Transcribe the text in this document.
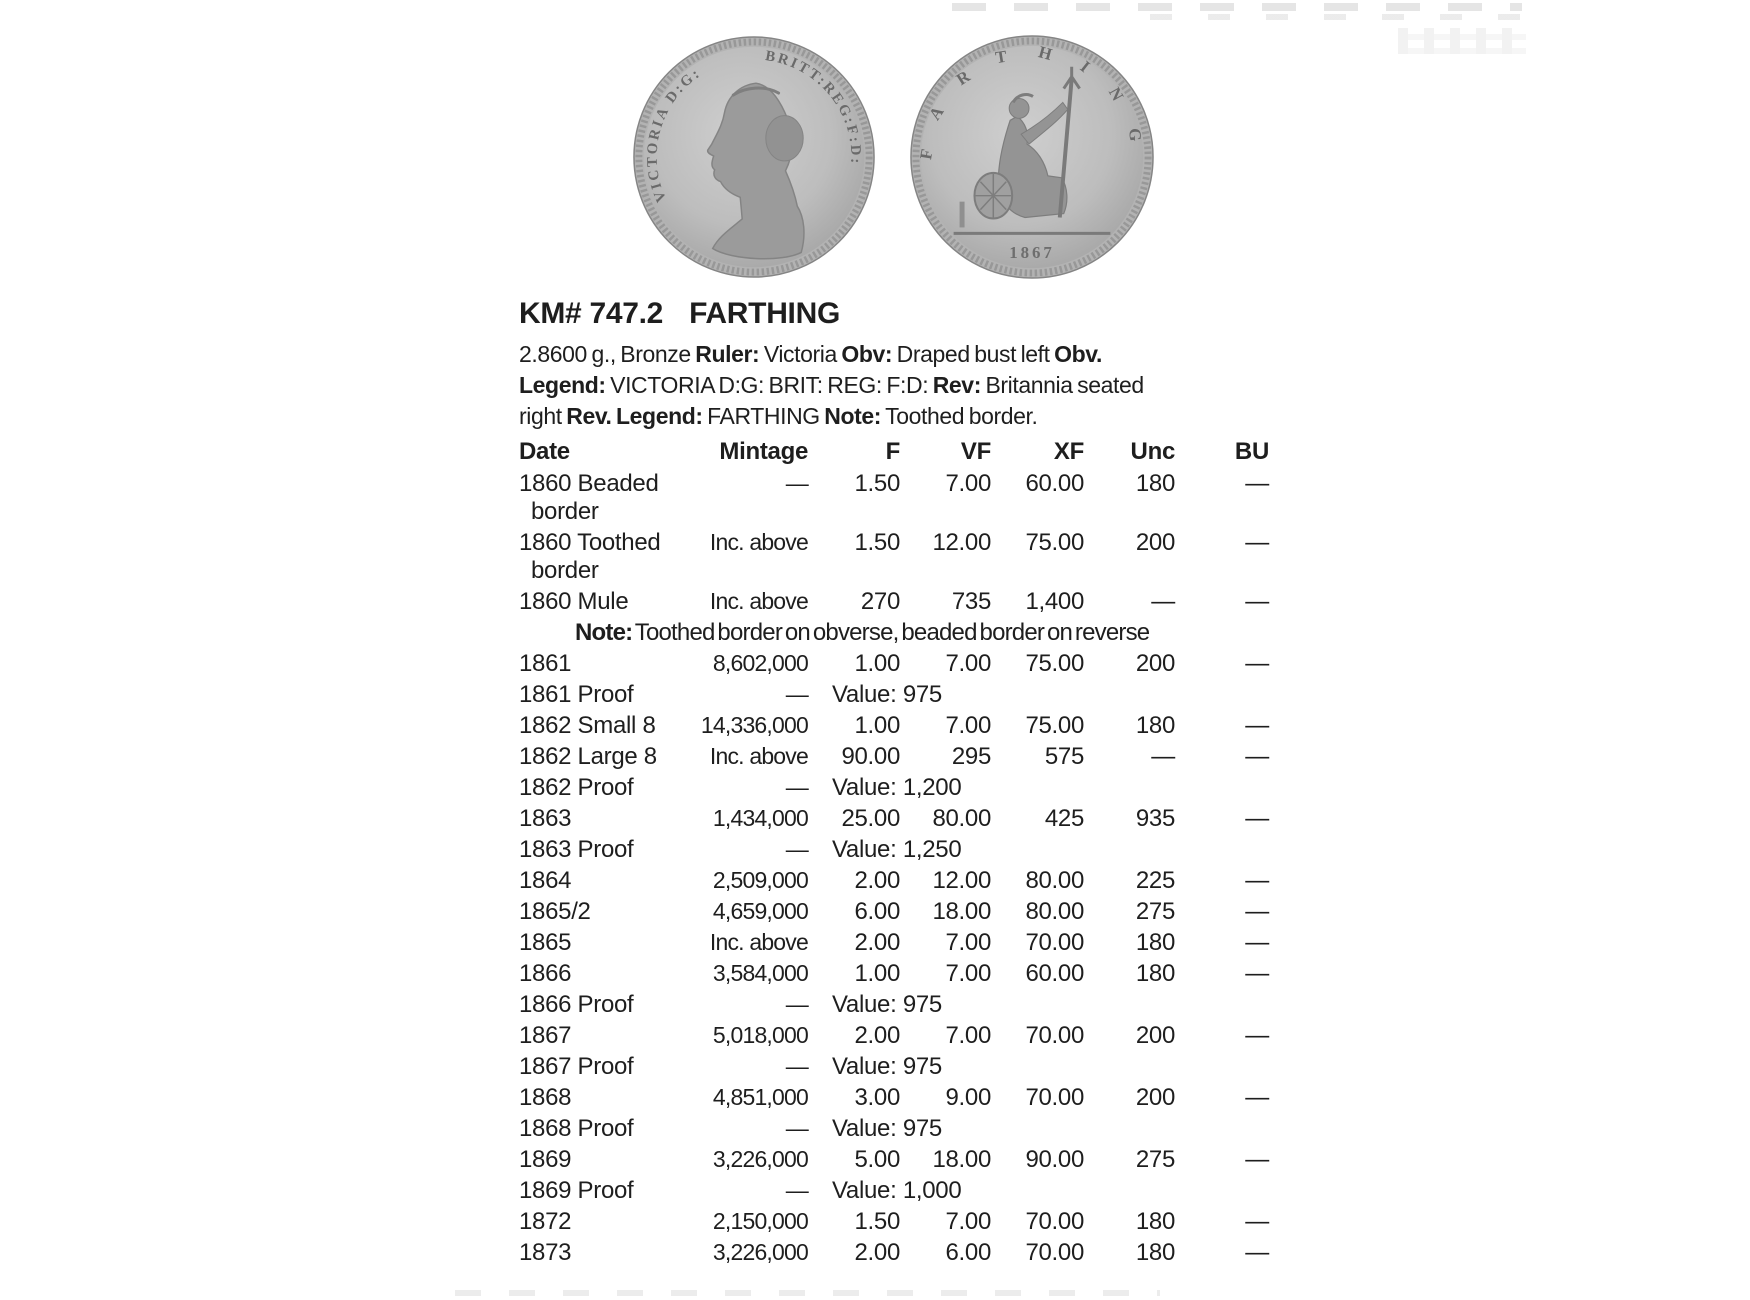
VICTORIA D:G:
BRITT:REG:F:D:
FARTHING
1867
KM# 747.2 FARTHING
2.8600 g., Bronze Ruler: Victoria Obv: Draped bust left Obv.
Legend: VICTORIA D:G: BRIT: REG: F:D: Rev: Britannia seated
right Rev. Legend: FARTHING Note: Toothed border.
Date	Mintage	F	VF	XF Unc BU
1860 Beaded
border
— 1.50 7.00 60.00 180	—
1860 Toothed
border
Inc. above 1.50 12.00 75.00 200	—
1860 Mule	Inc. above 270 735 1,400	—	—
Note: Toothed border on obverse, beaded border on reverse
1861	8,602,000 1.00 7.00 75.00 200	—
1861 Proof	— Value: 975
1862 Small 8 14,336,000 1.00 7.00 75.00 180	—
1862 Large 8 Inc. above 90.00 295 575	—	—
1862 Proof	— Value: 1,200
1863	1,434,000 25.00 80.00 425 935	—
1863 Proof	— Value: 1,250
1864	2,509,000 2.00 12.00 80.00 225	—
1865/2	4,659,000 6.00 18.00 80.00 275	—
1865	Inc. above 2.00 7.00 70.00 180	—
1866	3,584,000 1.00 7.00 60.00 180	—
1866 Proof	— Value: 975
1867	5,018,000 2.00 7.00 70.00 200	—
1867 Proof	— Value: 975
1868	4,851,000 3.00 9.00 70.00 200	—
1868 Proof	— Value: 975
1869	3,226,000 5.00 18.00 90.00 275	—
1869 Proof	— Value: 1,000
1872	2,150,000 1.50 7.00 70.00 180	—
1873	3,226,000 2.00 6.00 70.00 180	—
